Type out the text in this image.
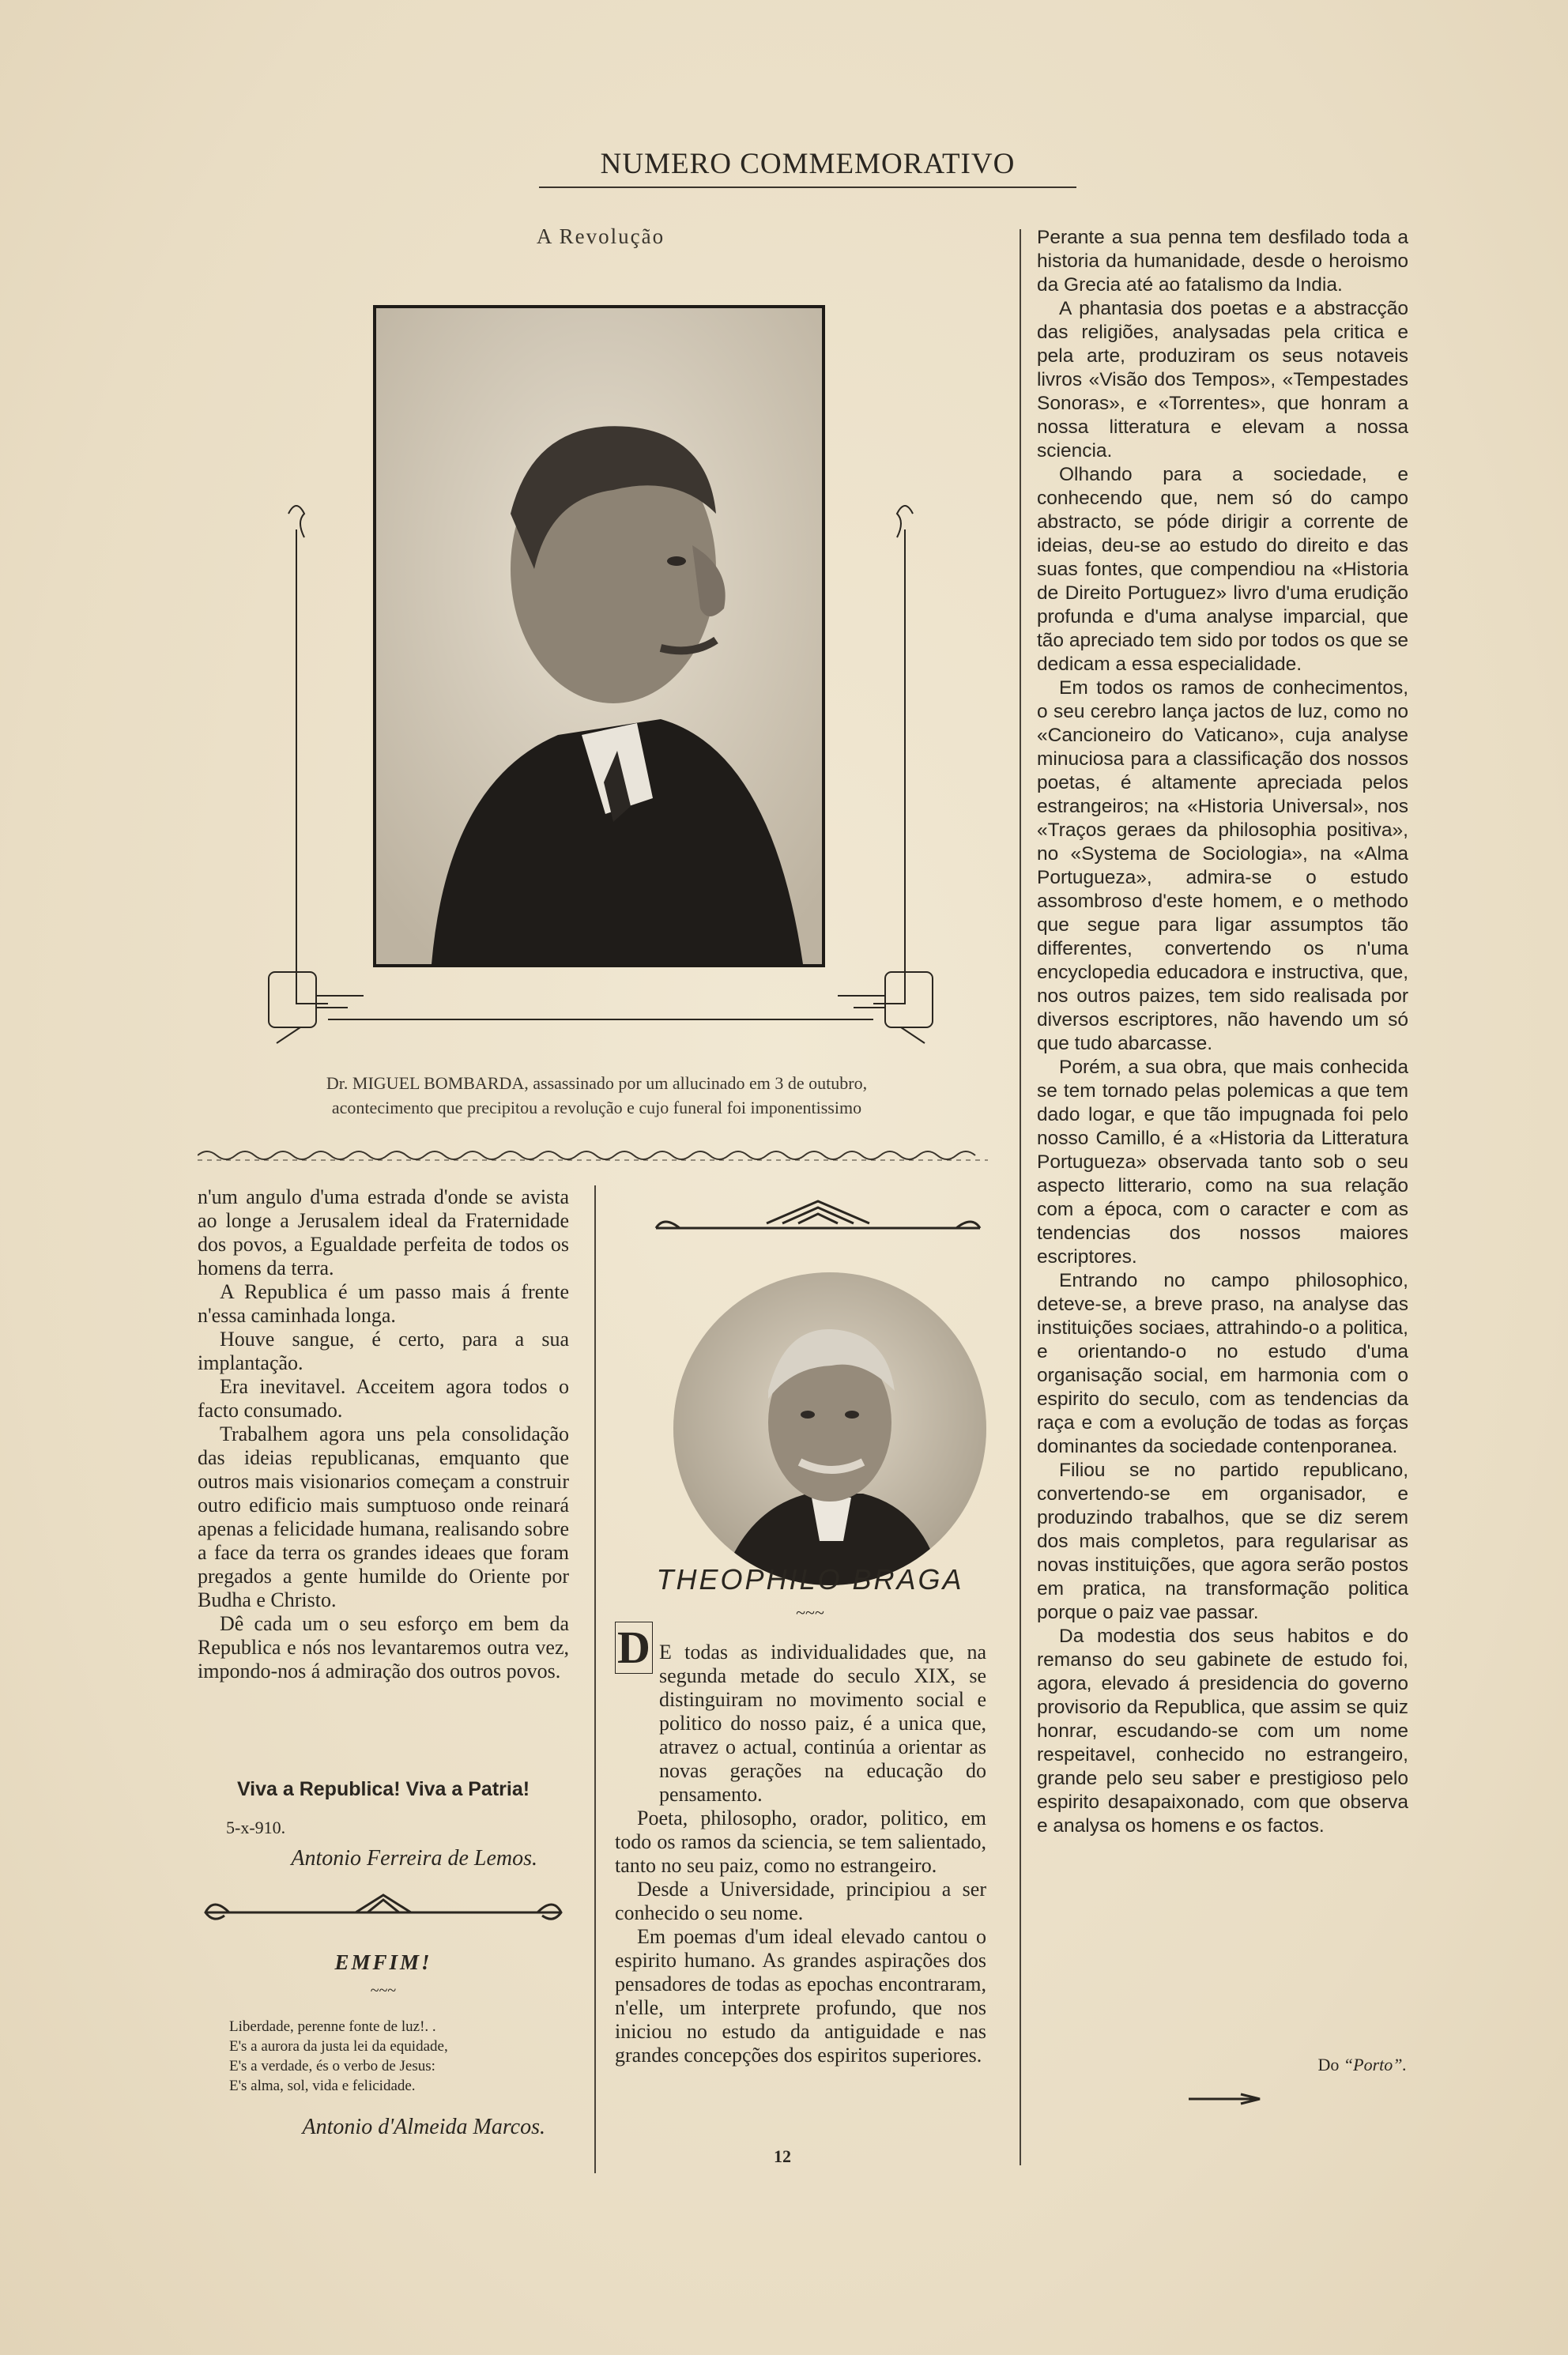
NUMERO COMMEMORATIVO
A Revolução
Dr. MIGUEL BOMBARDA, assassinado por um allucinado em 3 de outubro,
acontecimento que precipitou a revolução e cujo funeral foi imponentissimo

n'um angulo d'uma estrada d'onde se avista ao longe a Jerusalem ideal da Fraternidade dos povos, a Egualdade perfeita de todos os homens da terra.

A Republica é um passo mais á frente n'essa caminhada longa.

Houve sangue, é certo, para a sua implantação.

Era inevitavel. Acceitem agora todos o facto consumado.

Trabalhem agora uns pela consolidação das ideias republicanas, emquanto que outros mais visionarios começam a construir outro edificio mais sumptuoso onde reinará apenas a felicidade humana, realisando sobre a face da terra os grandes ideaes que foram pregados a gente humilde do Oriente por Budha e Christo.

Dê cada um o seu esforço em bem da Republica e nós nos levantaremos outra vez, impondo-nos á admiração dos outros povos.

Viva a Republica! Viva a Patria!
5-x-910.
Antonio Ferreira de Lemos.
EMFIM!
~~~
Liberdade, perenne fonte de luz!. .
E's a aurora da justa lei da equidade,
E's a verdade, és o verbo de Jesus:
E's alma, sol, vida e felicidade.
Antonio d'Almeida Marcos.
THEOPHILO BRAGA
~~~
D E todas as individualidades que, na segunda metade do seculo XIX, se distinguiram no movimento social e politico do nosso paiz, é a unica que, atravez o actual, continúa a orientar as novas gerações na educação do pensamento.

Poeta, philosopho, orador, politico, em todo os ramos da sciencia, se tem salientado, tanto no seu paiz, como no estrangeiro.

Desde a Universidade, principiou a ser conhecido o seu nome.

Em poemas d'um ideal elevado cantou o espirito humano. As grandes aspirações dos pensadores de todas as epochas encontraram, n'elle, um interprete profundo, que nos iniciou no estudo da antiguidade e nas grandes concepções dos espiritos superiores.

Perante a sua penna tem desfilado toda a historia da humanidade, desde o heroismo da Grecia até ao fatalismo da India.

A phantasia dos poetas e a abstracção das religiões, analysadas pela critica e pela arte, produziram os seus notaveis livros «Visão dos Tempos», «Tempestades Sonoras», e «Torrentes», que honram a nossa litteratura e elevam a nossa sciencia.

Olhando para a sociedade, e conhecendo que, nem só do campo abstracto, se póde dirigir a corrente de ideias, deu-se ao estudo do direito e das suas fontes, que compendiou na «Historia de Direito Portuguez» livro d'uma erudição profunda e d'uma analyse imparcial, que tão apreciado tem sido por todos os que se dedicam a essa especialidade.

Em todos os ramos de conhecimentos, o seu cerebro lança jactos de luz, como no «Cancioneiro do Vaticano», cuja analyse minuciosa para a classificação dos nossos poetas, é altamente apreciada pelos estrangeiros; na «Historia Universal», nos «Traços geraes da philosophia positiva», no «Systema de Sociologia», na «Alma Portugueza», admira-se o estudo assombroso d'este homem, e o methodo que segue para ligar assumptos tão differentes, convertendo os n'uma encyclopedia educadora e instructiva, que, nos outros paizes, tem sido realisada por diversos escriptores, não havendo um só que tudo abarcasse.

Porém, a sua obra, que mais conhecida se tem tornado pelas polemicas a que tem dado logar, e que tão impugnada foi pelo nosso Camillo, é a «Historia da Litteratura Portugueza» observada tanto sob o seu aspecto litterario, como na sua relação com a época, com o caracter e com as tendencias dos nossos maiores escriptores.

Entrando no campo philosophico, deteve-se, a breve praso, na analyse das instituições sociaes, attrahindo-o a politica, e orientando-o no estudo d'uma organisação social, em harmonia com o espirito do seculo, com as tendencias da raça e com a evolução de todas as forças dominantes da sociedade contenporanea.

Filiou se no partido republicano, convertendo-se em organisador, e produzindo trabalhos, que se diz serem dos mais completos, para regularisar as novas instituições, que agora serão postos em pratica, na transformação politica porque o paiz vae passar.

Da modestia dos seus habitos e do remanso do seu gabinete de estudo foi, agora, elevado á presidencia do governo provisorio da Republica, que assim se quiz honrar, escudando-se com um nome respeitavel, conhecido no estrangeiro, grande pelo seu saber e prestigioso pelo espirito desapaixonado, com que observa e analysa os homens e os factos.

Do “Porto”.
12
